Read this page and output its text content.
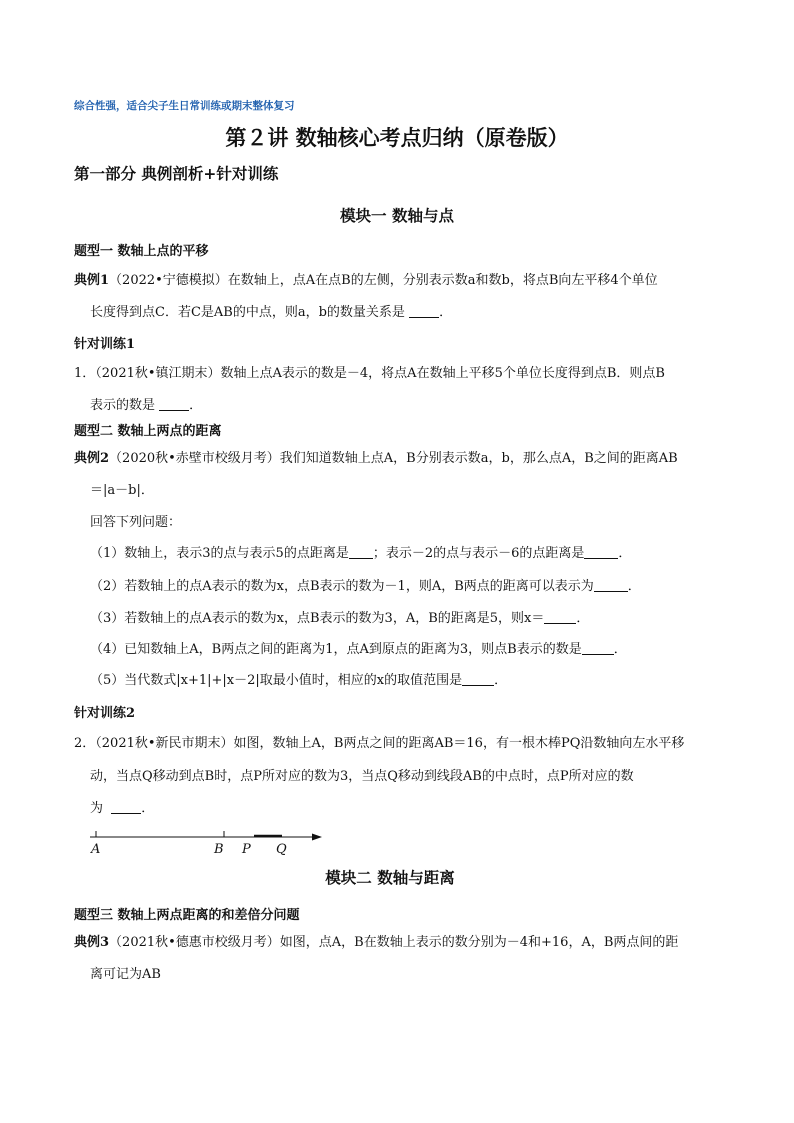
综合性强，适合尖子生日常训练或期末整体复习
第２讲 数轴核心考点归纳（原卷版）
第一部分 典例剖析+针对训练
模块一 数轴与点
题型一 数轴上点的平移
典例1（2022•宁德模拟）在数轴上，点A在点B的左侧，分别表示数a和数b，将点B向左平移4个单位
长度得到点C．若C是AB的中点，则a，b的数量关系是	．
针对训练1
1．（2021秋•镇江期末）数轴上点A表示的数是－4，将点A在数轴上平移5个单位长度得到点B．则点B
表示的数是	．
题型二 数轴上两点的距离
典例2（2020秋•赤壁市校级月考）我们知道数轴上点A，B分别表示数a，b，那么点A，B之间的距离AB
＝|a－b|．
回答下列问题：
（1）数轴上，表示3的点与表示5的点距离是 ；表示－2的点与表示－6的点距离是	．
（2）若数轴上的点A表示的数为x，点B表示的数为－1，则A，B两点的距离可以表示为	．
（3）若数轴上的点A表示的数为x，点B表示的数为3，A，B的距离是5，则x＝ ．
（4）已知数轴上A，B两点之间的距离为1，点A到原点的距离为3，则点B表示的数是 ．
（5）当代数式|x+1|+|x－2|取最小值时，相应的x的取值范围是 ．
针对训练2
2．（2021秋•新民市期末）如图，数轴上A，B两点之间的距离AB＝16，有一根木棒PQ沿数轴向左水平移
动，当点Q移动到点B时，点P所对应的数为3，当点Q移动到线段AB的中点时，点P所对应的数
为	．
A	B P Q
模块二 数轴与距离
题型三 数轴上两点距离的和差倍分问题
典例3（2021秋•德惠市校级月考）如图，点A，B在数轴上表示的数分别为－4和+16，A，B两点间的距
离可记为AB
